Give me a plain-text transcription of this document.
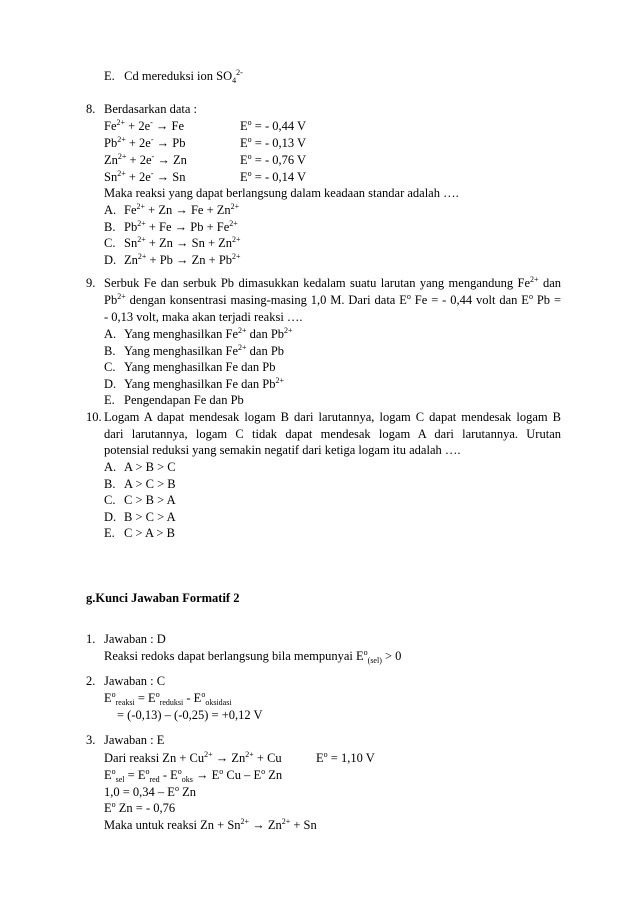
E. Cd mereduksi ion $SO_4^{2-}$
8. Berdasarkan data :
$Fe^{2+} + 2e^- \to Fe$	$E^o$ = - 0,44 V
$Pb^{2+} + 2e^- \to Pb$	$E^o$ = - 0,13 V
$Zn^{2+} + 2e^- \to Zn$	$E^o$ = - 0,76 V
$Sn^{2+} + 2e^- \to Sn$	$E^o$ = - 0,14 V
Maka reaksi yang dapat berlangsung dalam keadaan standar adalah ….
A. $Fe^{2+} + Zn \to Fe + Zn^{2+}$
B. $Pb^{2+} + Fe \to Pb + Fe^{2+}$
C. $Sn^{2+} + Zn \to Sn + Zn^{2+}$
D. $Zn^{2+} + Pb \to Zn + Pb^{2+}$
9. Serbuk Fe dan serbuk Pb dimasukkan kedalam suatu larutan yang mengandung $Fe^{2+}$ dan
$Pb^{2+}$ dengan konsentrasi masing-masing 1,0 M. Dari data $E^o$ Fe = - 0,44 volt dan $E^o$ Pb =
- 0,13 volt, maka akan terjadi reaksi ….
A. Yang menghasilkan $Fe^{2+}$ dan $Pb^{2+}$
B. Yang menghasilkan $Fe^{2+}$ dan Pb
C. Yang menghasilkan Fe dan Pb
D. Yang menghasilkan Fe dan $Pb^{2+}$
E. Pengendapan Fe dan Pb
10. Logam A dapat mendesak logam B dari larutannya, logam C dapat mendesak logam B
dari larutannya, logam C tidak dapat mendesak logam A dari larutannya. Urutan
potensial reduksi yang semakin negatif dari ketiga logam itu adalah ….
A. A > B > C
B. A > C > B
C. C > B > A
D. B > C > A
E. C > A > B
g.Kunci Jawaban Formatif 2
1. Jawaban : D
Reaksi redoks dapat berlangsung bila mempunyai $E^o_{(sel)} > 0$
2. Jawaban : C
$E^o_{reaksi} = E^o_{reduksi} - E^o_{oksidasi}$
= (-0,13) – (-0,25) = +0,12 V
3. Jawaban : E
Dari reaksi $Zn + Cu^{2+} \to Zn^{2+} + Cu$	$E^o = 1,10$ V
$E^o_{sel} = E^o_{red} - E^o_{oks} \to E^o$ Cu – $E^o$ Zn
$1,0 = 0,34 - E^o$ Zn
$E^o$ Zn = - 0,76
Maka untuk reaksi $Zn + Sn^{2+} \to Zn^{2+} + Sn$
